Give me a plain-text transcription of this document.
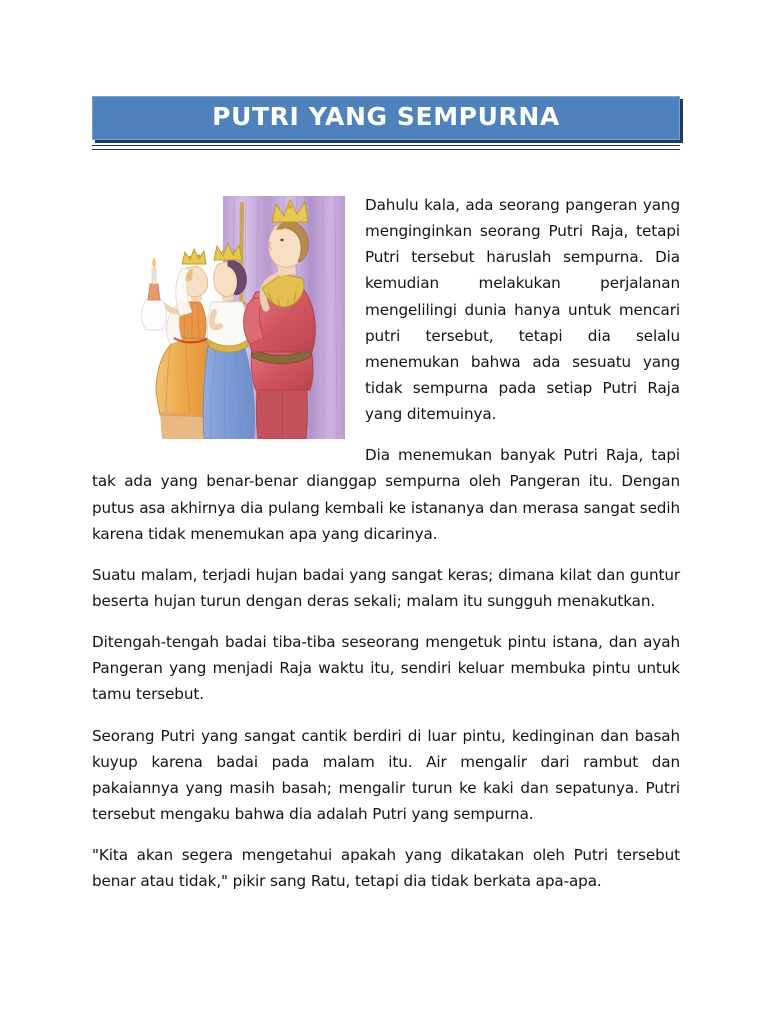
PUTRI YANG SEMPURNA

Dahulu kala, ada seorang pangeran yang menginginkan seorang Putri Raja, tetapi Putri tersebut haruslah sempurna. Dia kemudian melakukan perjalanan mengelilingi dunia hanya untuk mencari putri tersebut, tetapi dia selalu menemukan bahwa ada sesuatu yang tidak sempurna pada setiap Putri Raja yang ditemuinya.

Dia menemukan banyak Putri Raja, tapi tak ada yang benar-benar dianggap sempurna oleh Pangeran itu. Dengan putus asa akhirnya dia pulang kembali ke istananya dan merasa sangat sedih karena tidak menemukan apa yang dicarinya.

Suatu malam, terjadi hujan badai yang sangat keras; dimana kilat dan guntur beserta hujan turun dengan deras sekali; malam itu sungguh menakutkan.

Ditengah-tengah badai tiba-tiba seseorang mengetuk pintu istana, dan ayah Pangeran yang menjadi Raja waktu itu, sendiri keluar membuka pintu untuk tamu tersebut.

Seorang Putri yang sangat cantik berdiri di luar pintu, kedinginan dan basah kuyup karena badai pada malam itu. Air mengalir dari rambut dan pakaiannya yang masih basah; mengalir turun ke kaki dan sepatunya. Putri tersebut mengaku bahwa dia adalah Putri yang sempurna.

"Kita akan segera mengetahui apakah yang dikatakan oleh Putri tersebut benar atau tidak," pikir sang Ratu, tetapi dia tidak berkata apa-apa.
